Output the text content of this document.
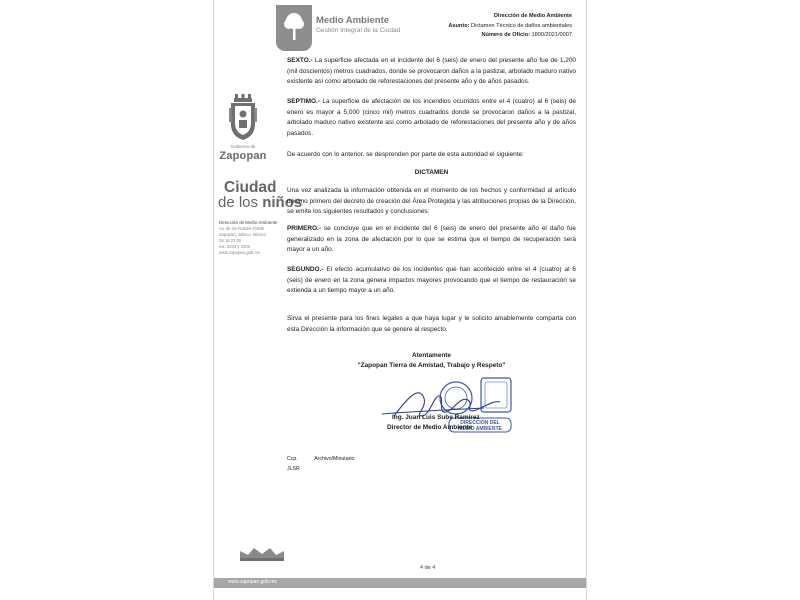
Medio Ambiente
Gestión Integral de la Ciudad
Dirección de Medio Ambiente
Asunto: Dictamen Técnico de daños ambientales
Número de Oficio: 1800/2021/0007
Gobierno de
Zapopan
Ciudad
de los niños
Dirección de Medio Ambiente
Av. de los Robles #1985
Zapopan, Jalisco, México
38 18 22 00
ext. 3203 y 3205
www.zapopan.gob.mx
SEXTO.- La superficie afectada en el incidente del 6 (seis) de enero del presente año fue de 1,200 (mil doscientos) metros cuadrados, donde se provocaron daños a la pastizal, arbolado maduro nativo existente así como arbolado de reforestaciones del presente año y de años pasados.
SEPTIMO.- La superficie de afectación de los incendios ocurridos entre el 4 (cuatro) al 6 (seis) de enero es mayor a 5,000 (cinco mil) metros cuadrados donde se provocaron daños a la pastizal, arbolado maduro nativo existente así como arbolado de reforestaciones del presente año y de años pasados.
De acuerdo con lo anterior, se desprenden por parte de esta autoridad el siguiente:
DICTAMEN
Una vez analizada la información obtenida en el momento de los hechos y conformidad al artículo décimo primero del decreto de creación del Área Protegida y las atribuciones propias de la Dirección, se emite los siguientes resultados y conclusiones:
PRIMERO.- se concluye que en el incidente del 6 (seis) de enero del presente año el daño fue generalizado en la zona de afectación por lo que se estima que el tiempo de recuperación será mayor a un año.
SEGUNDO.- El efecto acumulativo de los incidentes que han acontecido entre el 4 (cuatro) al 6 (seis) de enero en la zona genera impactos mayores provocando que el tiempo de restauración se extienda a un tiempo mayor a un año.
Sirva el presente para los fines legales a que haya lugar y le solicito amablemente comparta con esta Dirección la información que se genere al respecto.
Atentamente
"Zapopan Tierra de Amistad, Trabajo y Respeto"
DIRECCIÓN DEL
MEDIO AMBIENTE
Ing. Juan Luis Sube Ramírez
Director de Medio Ambiente
Ccp.	Archivo/Minutario
JLSR
4 de 4
www.zapopan.gob.mx
